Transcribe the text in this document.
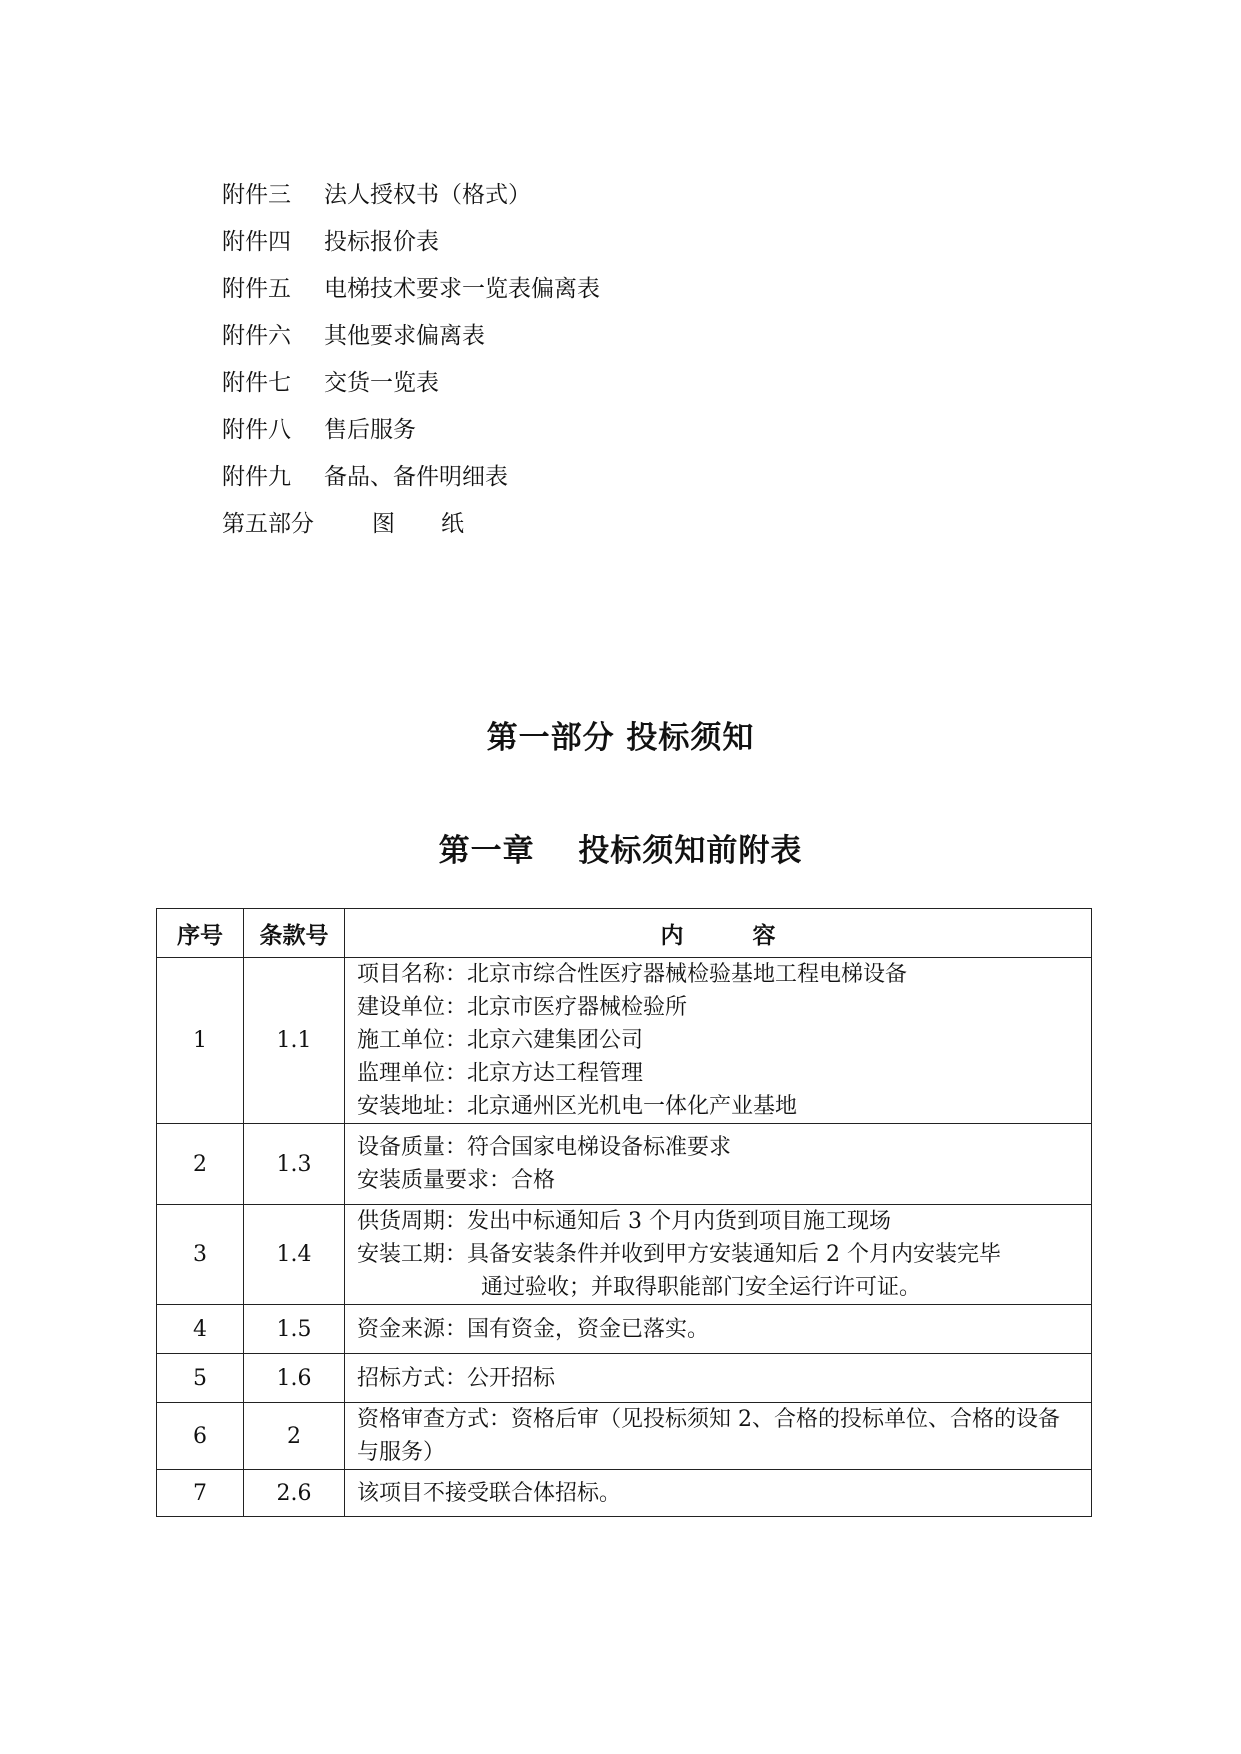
附件三 法人授权书（格式）
附件四 投标报价表
附件五 电梯技术要求一览表偏离表
附件六 其他要求偏离表
附件七 交货一览表
附件八 售后服务
附件九 备品、备件明细表
第五部分	图　　纸
第一部分 投标须知
第一章　 投标须知前附表
序号	条款号	内　　　容
1	1.1	项目名称：北京市综合性医疗器械检验基地工程电梯设备
建设单位：北京市医疗器械检验所
施工单位：北京六建集团公司
监理单位：北京方达工程管理
安装地址：北京通州区光机电一体化产业基地

2	1.3	设备质量：符合国家电梯设备标准要求
安装质量要求：合格

3	1.4	供货周期：发出中标通知后 3 个月内货到项目施工现场
安装工期：具备安装条件并收到甲方安装通知后 2 个月内安装完毕
通过验收；并取得职能部门安全运行许可证。

4	1.5	资金来源：国有资金，资金已落实。

5	1.6	招标方式：公开招标

6	2	资格审查方式：资格后审（见投标须知 2、合格的投标单位、合格的设备与服务）

7	2.6	该项目不接受联合体招标。
